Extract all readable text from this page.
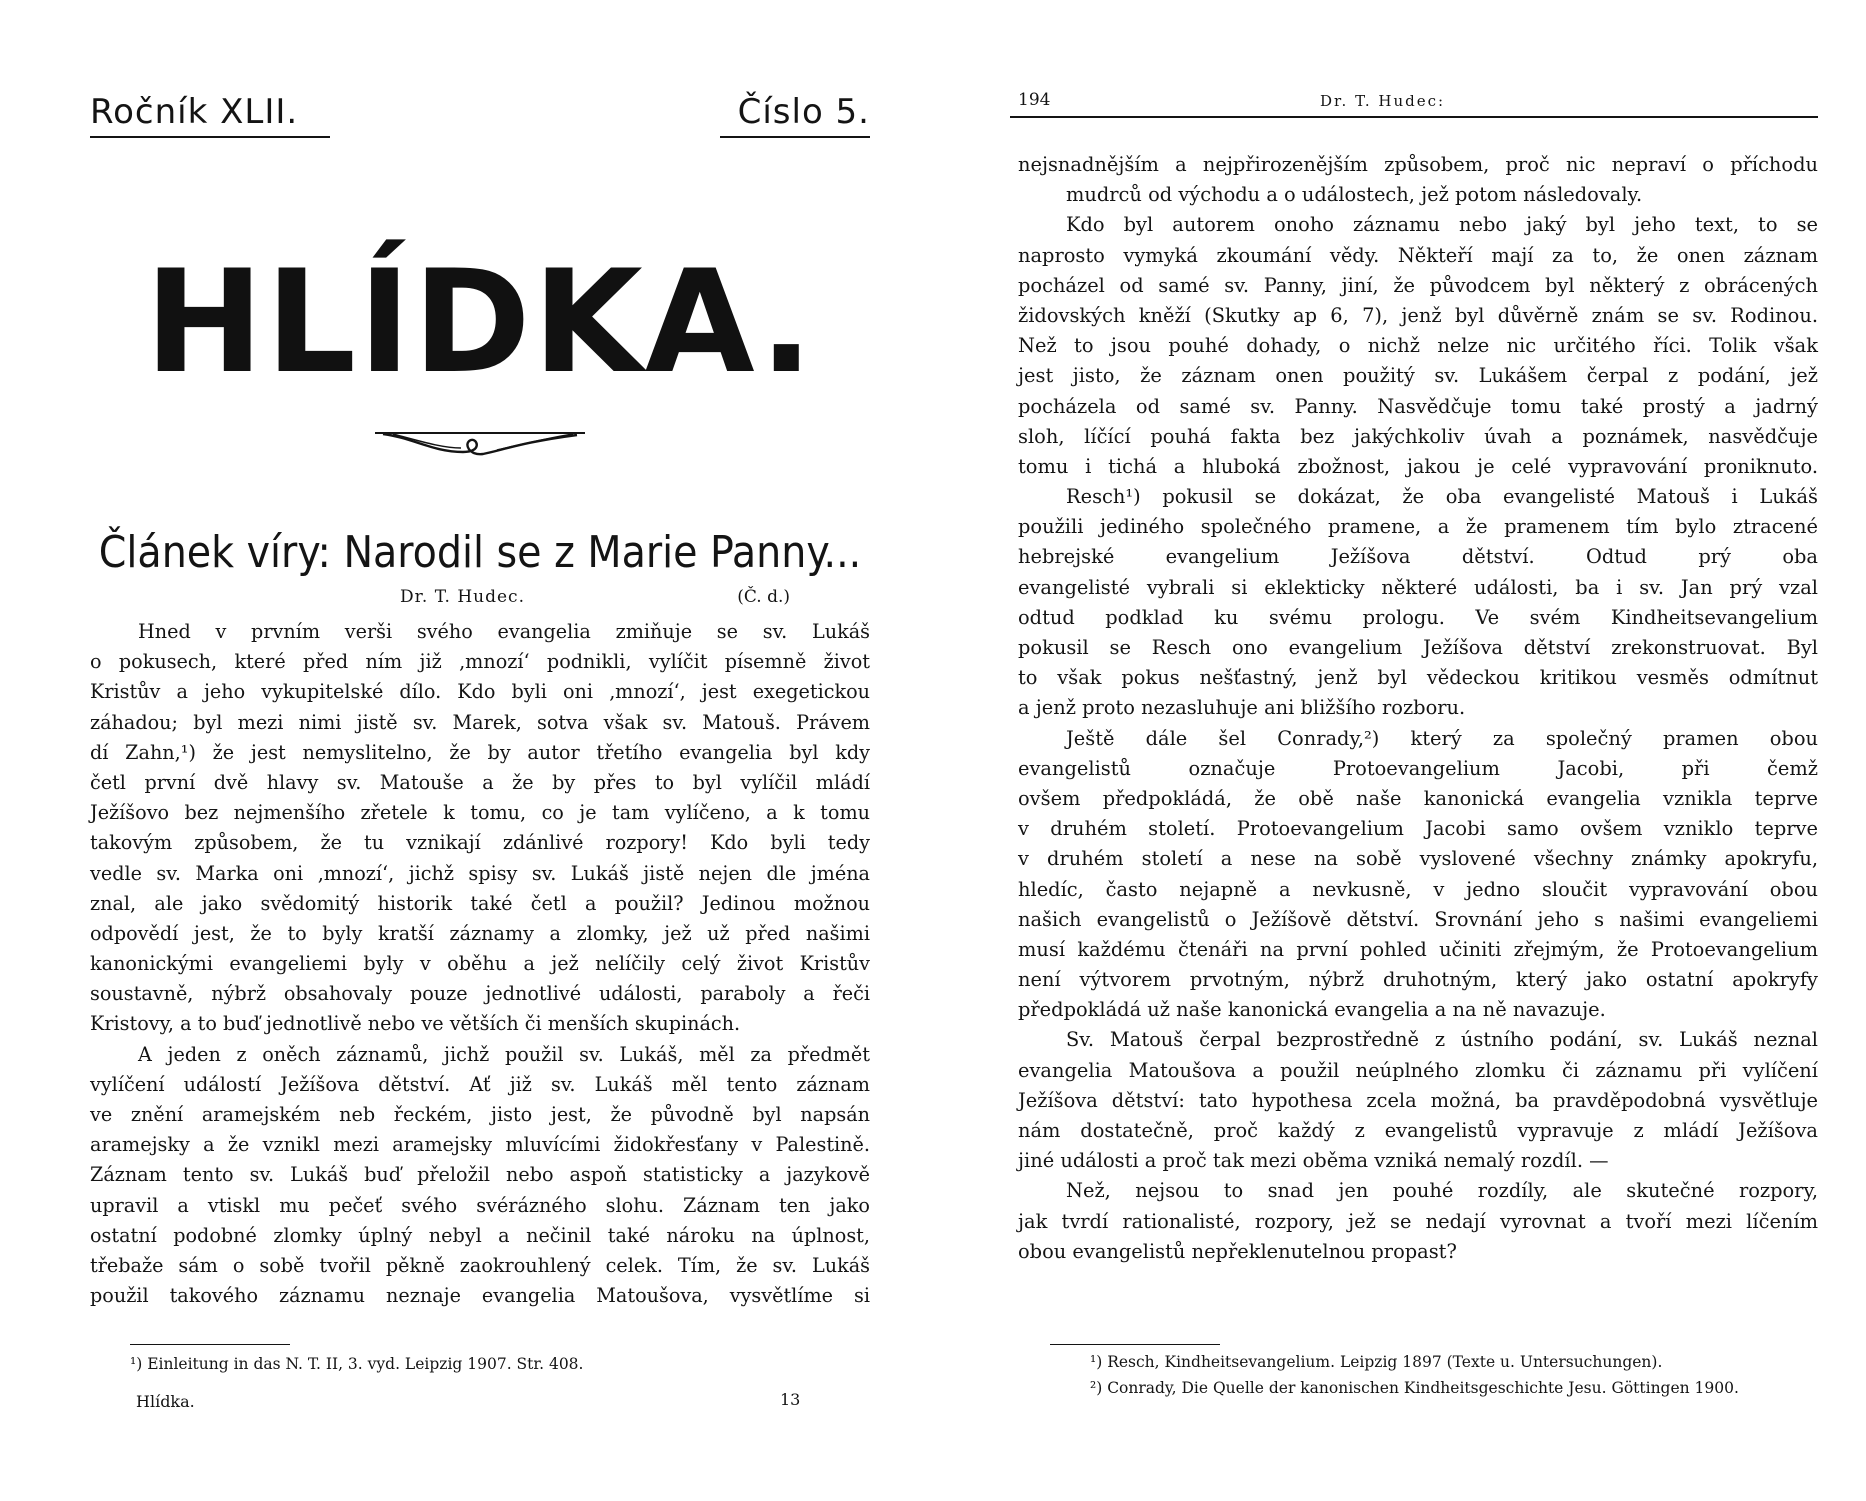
Ročník XLII.	Číslo 5.
HLÍDKA.
Článek víry: Narodil se z Marie Panny...
Dr. T. Hudec.	(Č. d.)
Hned v prvním verši svého evangelia zmiňuje se sv. Lukáš
o pokusech, které před ním již ‚mnozí‘ podnikli, vylíčit písemně život
Kristův a jeho vykupitelské dílo. Kdo byli oni ‚mnozí‘, jest exegetickou
záhadou; byl mezi nimi jistě sv. Marek, sotva však sv. Matouš. Právem
dí Zahn,¹) že jest nemyslitelno, že by autor třetího evangelia byl kdy
četl první dvě hlavy sv. Matouše a že by přes to byl vylíčil mládí
Ježíšovo bez nejmenšího zřetele k tomu, co je tam vylíčeno, a k tomu
takovým způsobem, že tu vznikají zdánlivé rozpory! Kdo byli tedy
vedle sv. Marka oni ‚mnozí‘, jichž spisy sv. Lukáš jistě nejen dle jména
znal, ale jako svědomitý historik také četl a použil? Jedinou možnou
odpovědí jest, že to byly kratší záznamy a zlomky, jež už před našimi
kanonickými evangeliemi byly v oběhu a jež nelíčily celý život Kristův
soustavně, nýbrž obsahovaly pouze jednotlivé události, paraboly a řeči
Kristovy, a to buď jednotlivě nebo ve větších či menších skupinách.
A jeden z oněch záznamů, jichž použil sv. Lukáš, měl za předmět
vylíčení událostí Ježíšova dětství. Ať již sv. Lukáš měl tento záznam
ve znění aramejském neb řeckém, jisto jest, že původně byl napsán
aramejsky a že vznikl mezi aramejsky mluvícími židokřesťany v Palestině.
Záznam tento sv. Lukáš buď přeložil nebo aspoň statisticky a jazykově
upravil a vtiskl mu pečeť svého svérázného slohu. Záznam ten jako
ostatní podobné zlomky úplný nebyl a nečinil také nároku na úplnost,
třebaže sám o sobě tvořil pěkně zaokrouhlený celek. Tím, že sv. Lukáš
použil takového záznamu neznaje evangelia Matoušova, vysvětlíme si
¹) Einleitung in das N. T. II, 3. vyd. Leipzig 1907. Str. 408.
Hlídka.	13
194	Dr. T. Hudec:
nejsnadnějším a nejpřirozenějším způsobem, proč nic nepraví o příchodu
mudrců od východu a o událostech, jež potom následovaly.
Kdo byl autorem onoho záznamu nebo jaký byl jeho text, to se
naprosto vymyká zkoumání vědy. Někteří mají za to, že onen záznam
pocházel od samé sv. Panny, jiní, že původcem byl některý z obrácených
židovských kněží (Skutky ap 6, 7), jenž byl důvěrně znám se sv. Rodinou.
Než to jsou pouhé dohady, o nichž nelze nic určitého říci. Tolik však
jest jisto, že záznam onen použitý sv. Lukášem čerpal z podání, jež
pocházela od samé sv. Panny. Nasvědčuje tomu také prostý a jadrný
sloh, líčící pouhá fakta bez jakýchkoliv úvah a poznámek, nasvědčuje
tomu i tichá a hluboká zbožnost, jakou je celé vypravování proniknuto.
Resch¹) pokusil se dokázat, že oba evangelisté Matouš i Lukáš
použili jediného společného pramene, a že pramenem tím bylo ztracené
hebrejské evangelium Ježíšova dětství. Odtud prý oba
evangelisté vybrali si eklekticky některé události, ba i sv. Jan prý vzal
odtud podklad ku svému prologu. Ve svém Kindheitsevangelium
pokusil se Resch ono evangelium Ježíšova dětství zrekonstruovat. Byl
to však pokus nešťastný, jenž byl vědeckou kritikou vesměs odmítnut
a jenž proto nezasluhuje ani bližšího rozboru.
Ještě dále šel Conrady,²) který za společný pramen obou
evangelistů označuje Protoevangelium Jacobi, při čemž
ovšem předpokládá, že obě naše kanonická evangelia vznikla teprve
v druhém století. Protoevangelium Jacobi samo ovšem vzniklo teprve
v druhém století a nese na sobě vyslovené všechny známky apokryfu,
hledíc, často nejapně a nevkusně, v jedno sloučit vypravování obou
našich evangelistů o Ježíšově dětství. Srovnání jeho s našimi evangeliemi
musí každému čtenáři na první pohled učiniti zřejmým, že Protoevangelium
není výtvorem prvotným, nýbrž druhotným, který jako ostatní apokryfy
předpokládá už naše kanonická evangelia a na ně navazuje.
Sv. Matouš čerpal bezprostředně z ústního podání, sv. Lukáš neznal
evangelia Matoušova a použil neúplného zlomku či záznamu při vylíčení
Ježíšova dětství: tato hypothesa zcela možná, ba pravděpodobná vysvětluje
nám dostatečně, proč každý z evangelistů vypravuje z mládí Ježíšova
jiné události a proč tak mezi oběma vzniká nemalý rozdíl. —
Než, nejsou to snad jen pouhé rozdíly, ale skutečné rozpory,
jak tvrdí rationalisté, rozpory, jež se nedají vyrovnat a tvoří mezi líčením
obou evangelistů nepřeklenutelnou propast?
¹) Resch, Kindheitsevangelium. Leipzig 1897 (Texte u. Untersuchungen).
²) Conrady, Die Quelle der kanonischen Kindheitsgeschichte Jesu. Göttingen 1900.
